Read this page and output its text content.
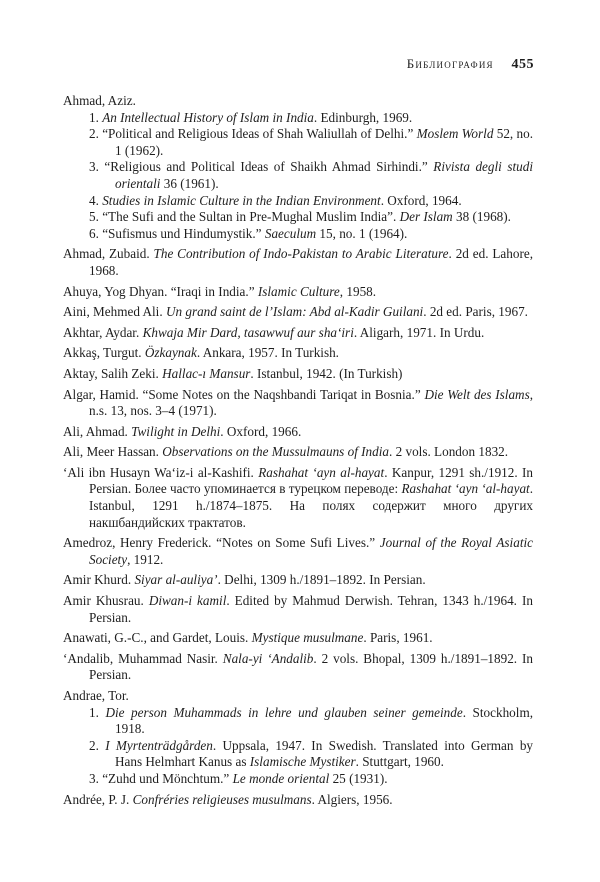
Библиография 455
Ahmad, Aziz.
1. An Intellectual History of Islam in India. Edinburgh, 1969.
2. “Political and Religious Ideas of Shah Waliullah of Delhi.” Moslem World 52, no. 1 (1962).
3. “Religious and Political Ideas of Shaikh Ahmad Sirhindi.” Rivista degli studi orientali 36 (1961).
4. Studies in Islamic Culture in the Indian Environment. Oxford, 1964.
5. “The Sufi and the Sultan in Pre-Mughal Muslim India”. Der Islam 38 (1968).
6. “Sufismus und Hindumystik.” Saeculum 15, no. 1 (1964).
Ahmad, Zubaid. The Contribution of Indo-Pakistan to Arabic Literature. 2d ed. Lahore, 1968.
Ahuya, Yog Dhyan. “Iraqi in India.” Islamic Culture, 1958.
Aini, Mehmed Ali. Un grand saint de l’Islam: Abd al-Kadir Guilani. 2d ed. Paris, 1967.
Akhtar, Aydar. Khwaja Mir Dard, tasawwuf aur sha‘iri. Aligarh, 1971. In Urdu.
Akkaş, Turgut. Özkaynak. Ankara, 1957. In Turkish.
Aktay, Salih Zeki. Hallac-ı Mansur. Istanbul, 1942. (In Turkish)
Algar, Hamid. “Some Notes on the Naqshbandi Tariqat in Bosnia.” Die Welt des Islams, n.s. 13, nos. 3–4 (1971).
Ali, Ahmad. Twilight in Delhi. Oxford, 1966.
Ali, Meer Hassan. Observations on the Mussulmauns of India. 2 vols. London 1832.
‘Ali ibn Husayn Wa‘iz-i al-Kashifi. Rashahat ‘ayn al-hayat. Kanpur, 1291 sh./1912. In Persian. Более часто упоминается в турецком переводе: Rashahat ‘ayn ‘al-hayat. Istanbul, 1291 h./1874–1875. На полях содержит много других накшбандийских трактатов.
Amedroz, Henry Frederick. “Notes on Some Sufi Lives.” Journal of the Royal Asiatic Society, 1912.
Amir Khurd. Siyar al-auliya’. Delhi, 1309 h./1891–1892. In Persian.
Amir Khusrau. Diwan-i kamil. Edited by Mahmud Derwish. Tehran, 1343 h./1964. In Persian.
Anawati, G.-C., and Gardet, Louis. Mystique musulmane. Paris, 1961.
‘Andalib, Muhammad Nasir. Nala-yi ‘Andalib. 2 vols. Bhopal, 1309 h./1891–1892. In Persian.
Andrae, Tor.
1. Die person Muhammads in lehre und glauben seiner gemeinde. Stockholm, 1918.
2. I Myrtenträdgården. Uppsala, 1947. In Swedish. Translated into German by Hans Helmhart Kanus as Islamische Mystiker. Stuttgart, 1960.
3. “Zuhd und Mönchtum.” Le monde oriental 25 (1931).
Andrée, P. J. Confréries religieuses musulmans. Algiers, 1956.
